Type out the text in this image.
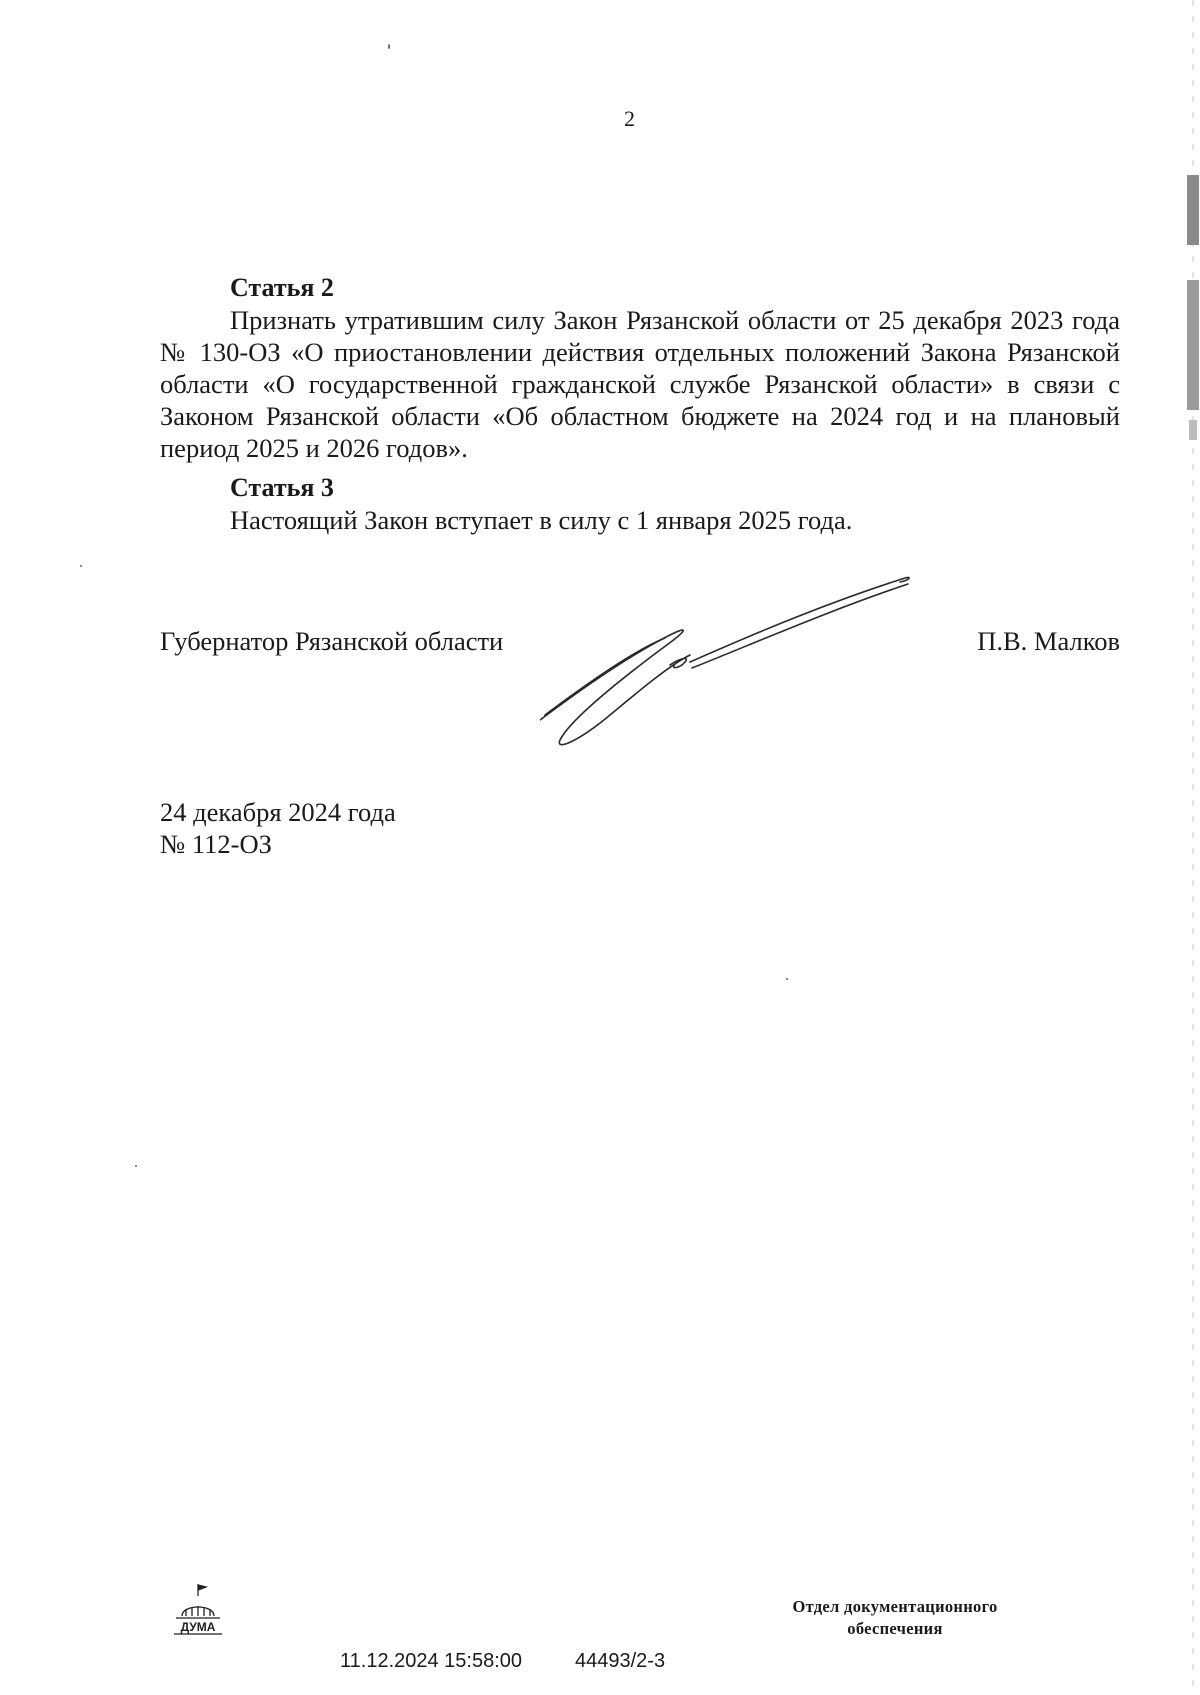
2
Статья 2
Признать утратившим силу Закон Рязанской области от 25 декабря 2023 года № 130-ОЗ «О приостановлении действия отдельных положений Закона Рязанской области «О государственной гражданской службе Рязанской области» в связи с Законом Рязанской области «Об областном бюджете на 2024 год и на плановый период 2025 и 2026 годов».
Статья 3
Настоящий Закон вступает в силу с 1 января 2025 года.
Губернатор Рязанской области	П.В. Малков
24 декабря 2024 года
№ 112-ОЗ
ДУМА
11.12.2024 15:58:00	44493/2-3
Отдел документационного
обеспечения
